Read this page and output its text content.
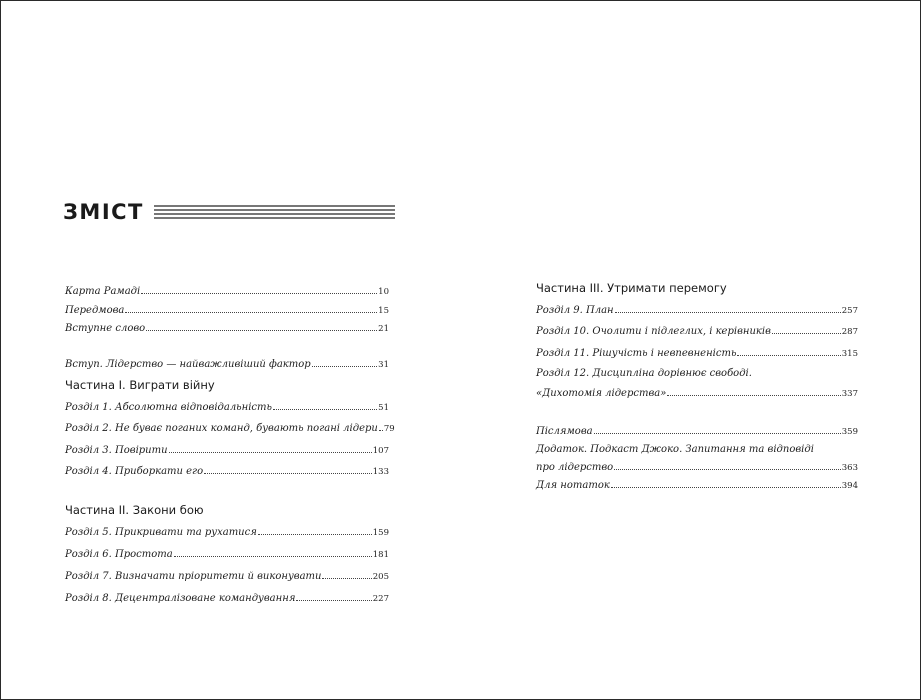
ЗМІСТ
Карта Рамаді	10
Передмова	15
Вступне слово	21
Вступ. Лідерство — найважливіший фактор	31
Частина І. Виграти війну
Розділ 1. Абсолютна відповідальність	51
Розділ 2. Не буває поганих команд, бувають погані лідери 79
Розділ 3. Повірити	107
Розділ 4. Приборкати его	133
Частина ІІ. Закони бою
Розділ 5. Прикривати та рухатися	159
Розділ 6. Простота	181
Розділ 7. Визначати пріоритети й виконувати	205
Розділ 8. Децентралізоване командування	227
Частина ІІІ. Утримати перемогу
Розділ 9. План	257
Розділ 10. Очолити і підлеглих, і керівників	287
Розділ 11. Рішучість і невпевненість	315
Розділ 12. Дисципліна дорівнює свободі.
«Дихотомія лідерства»	337
Післямова	359
Додаток. Подкаст Джоко. Запитання та відповіді
про лідерство	363
Для нотаток	394
